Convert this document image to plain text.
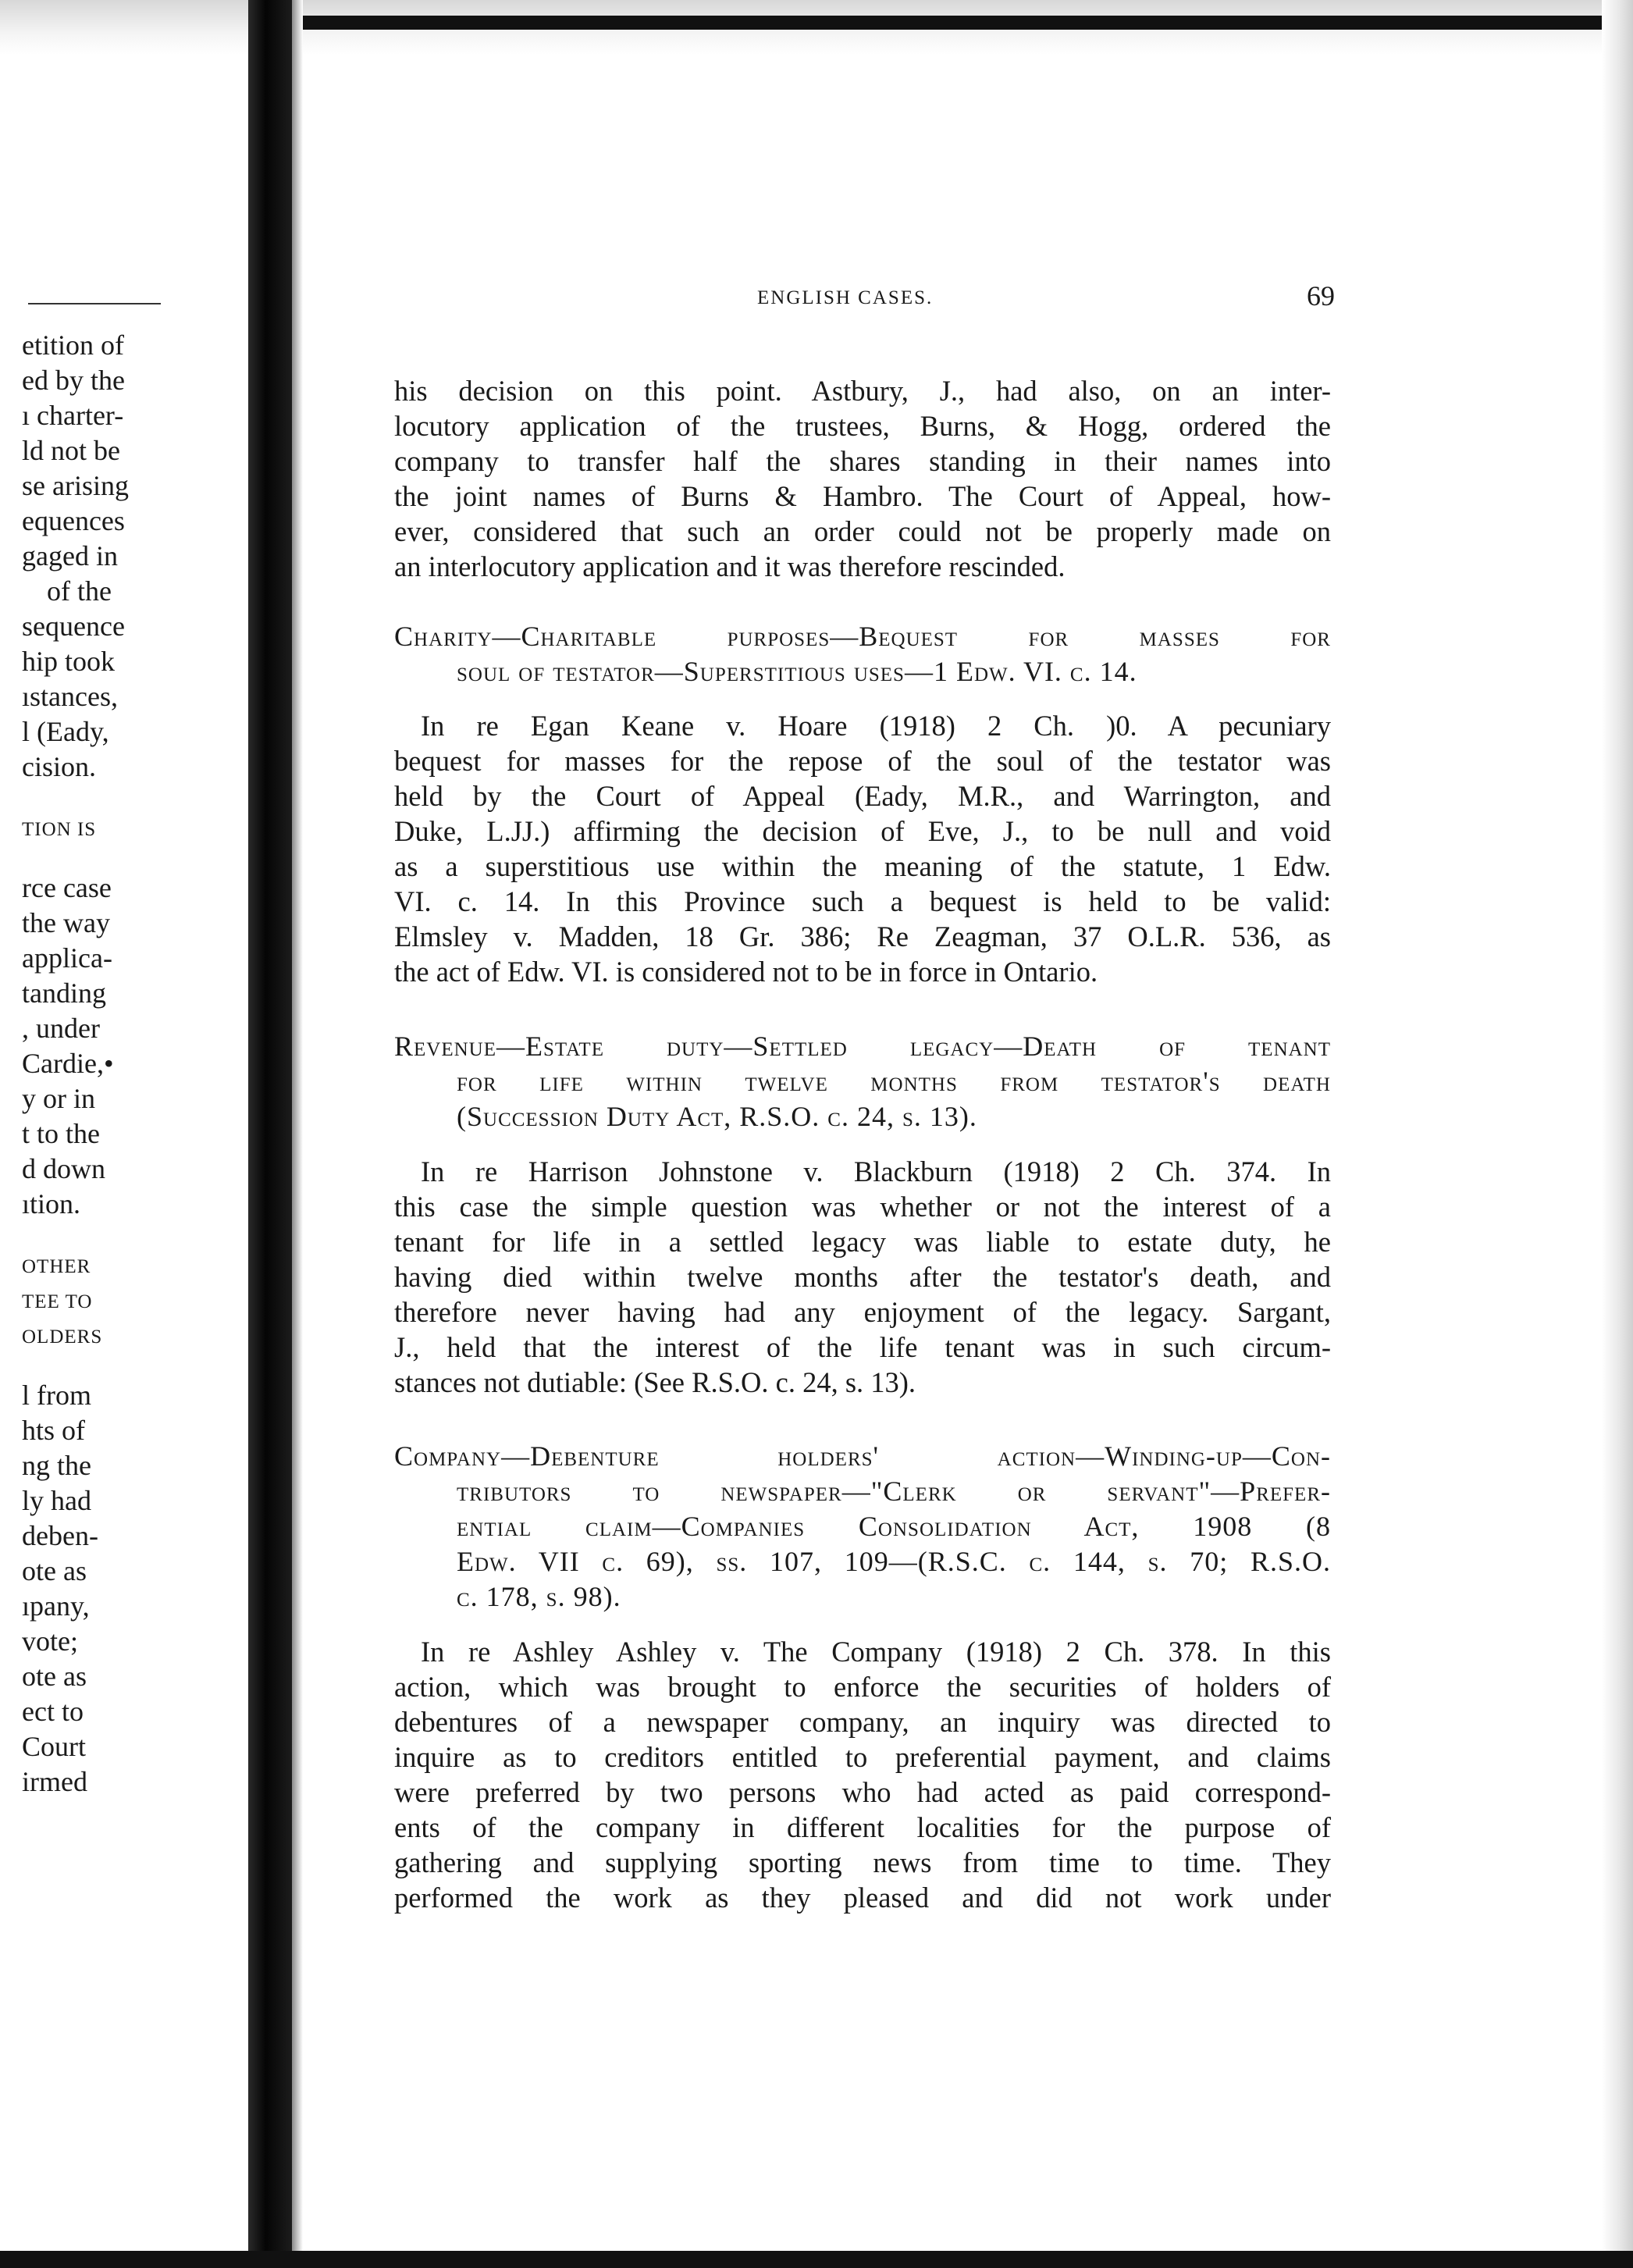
etition of
ed by the
ı charter-
ld not be
se arising
equences
gaged in
of the
sequence
hip took
ıstances,
l (Eady,
cision.
TION IS
rce case
the way
applica-
tanding
, under
Cardie,•
y or in
t to the
d down
ıtion.
OTHER
TEE TO
OLDERS
l from
hts of
ng the
ly had
deben-
ote as
ıpany,
vote;
ote as
ect to
Court
irmed
ENGLISH CASES.	69
his decision on this point. Astbury, J., had also, on an inter-
locutory application of the trustees, Burns, & Hogg, ordered the
company to transfer half the shares standing in their names into
the joint names of Burns & Hambro. The Court of Appeal, how-
ever, considered that such an order could not be properly made on
an interlocutory application and it was therefore rescinded.
Charity—Charitable purposes—Bequest for masses for
soul of testator—Superstitious uses—1 Edw. VI. c. 14.
In re Egan Keane v. Hoare (1918) 2 Ch. )0. A pecuniary
bequest for masses for the repose of the soul of the testator was
held by the Court of Appeal (Eady, M.R., and Warrington, and
Duke, L.JJ.) affirming the decision of Eve, J., to be null and void
as a superstitious use within the meaning of the statute, 1 Edw.
VI. c. 14. In this Province such a bequest is held to be valid:
Elmsley v. Madden, 18 Gr. 386; Re Zeagman, 37 O.L.R. 536, as
the act of Edw. VI. is considered not to be in force in Ontario.
Revenue—Estate duty—Settled legacy—Death of tenant
for life within twelve months from testator's death
(Succession Duty Act, R.S.O. c. 24, s. 13).
In re Harrison Johnstone v. Blackburn (1918) 2 Ch. 374. In
this case the simple question was whether or not the interest of a
tenant for life in a settled legacy was liable to estate duty, he
having died within twelve months after the testator's death, and
therefore never having had any enjoyment of the legacy. Sargant,
J., held that the interest of the life tenant was in such circum-
stances not dutiable: (See R.S.O. c. 24, s. 13).
Company—Debenture holders' action—Winding-up—Con-
tributors to newspaper—"Clerk or servant"—Prefer-
ential claim—Companies Consolidation Act, 1908 (8
Edw. VII c. 69), ss. 107, 109—(R.S.C. c. 144, s. 70; R.S.O.
c. 178, s. 98).
In re Ashley Ashley v. The Company (1918) 2 Ch. 378. In this
action, which was brought to enforce the securities of holders of
debentures of a newspaper company, an inquiry was directed to
inquire as to creditors entitled to preferential payment, and claims
were preferred by two persons who had acted as paid correspond-
ents of the company in different localities for the purpose of
gathering and supplying sporting news from time to time. They
performed the work as they pleased and did not work under
